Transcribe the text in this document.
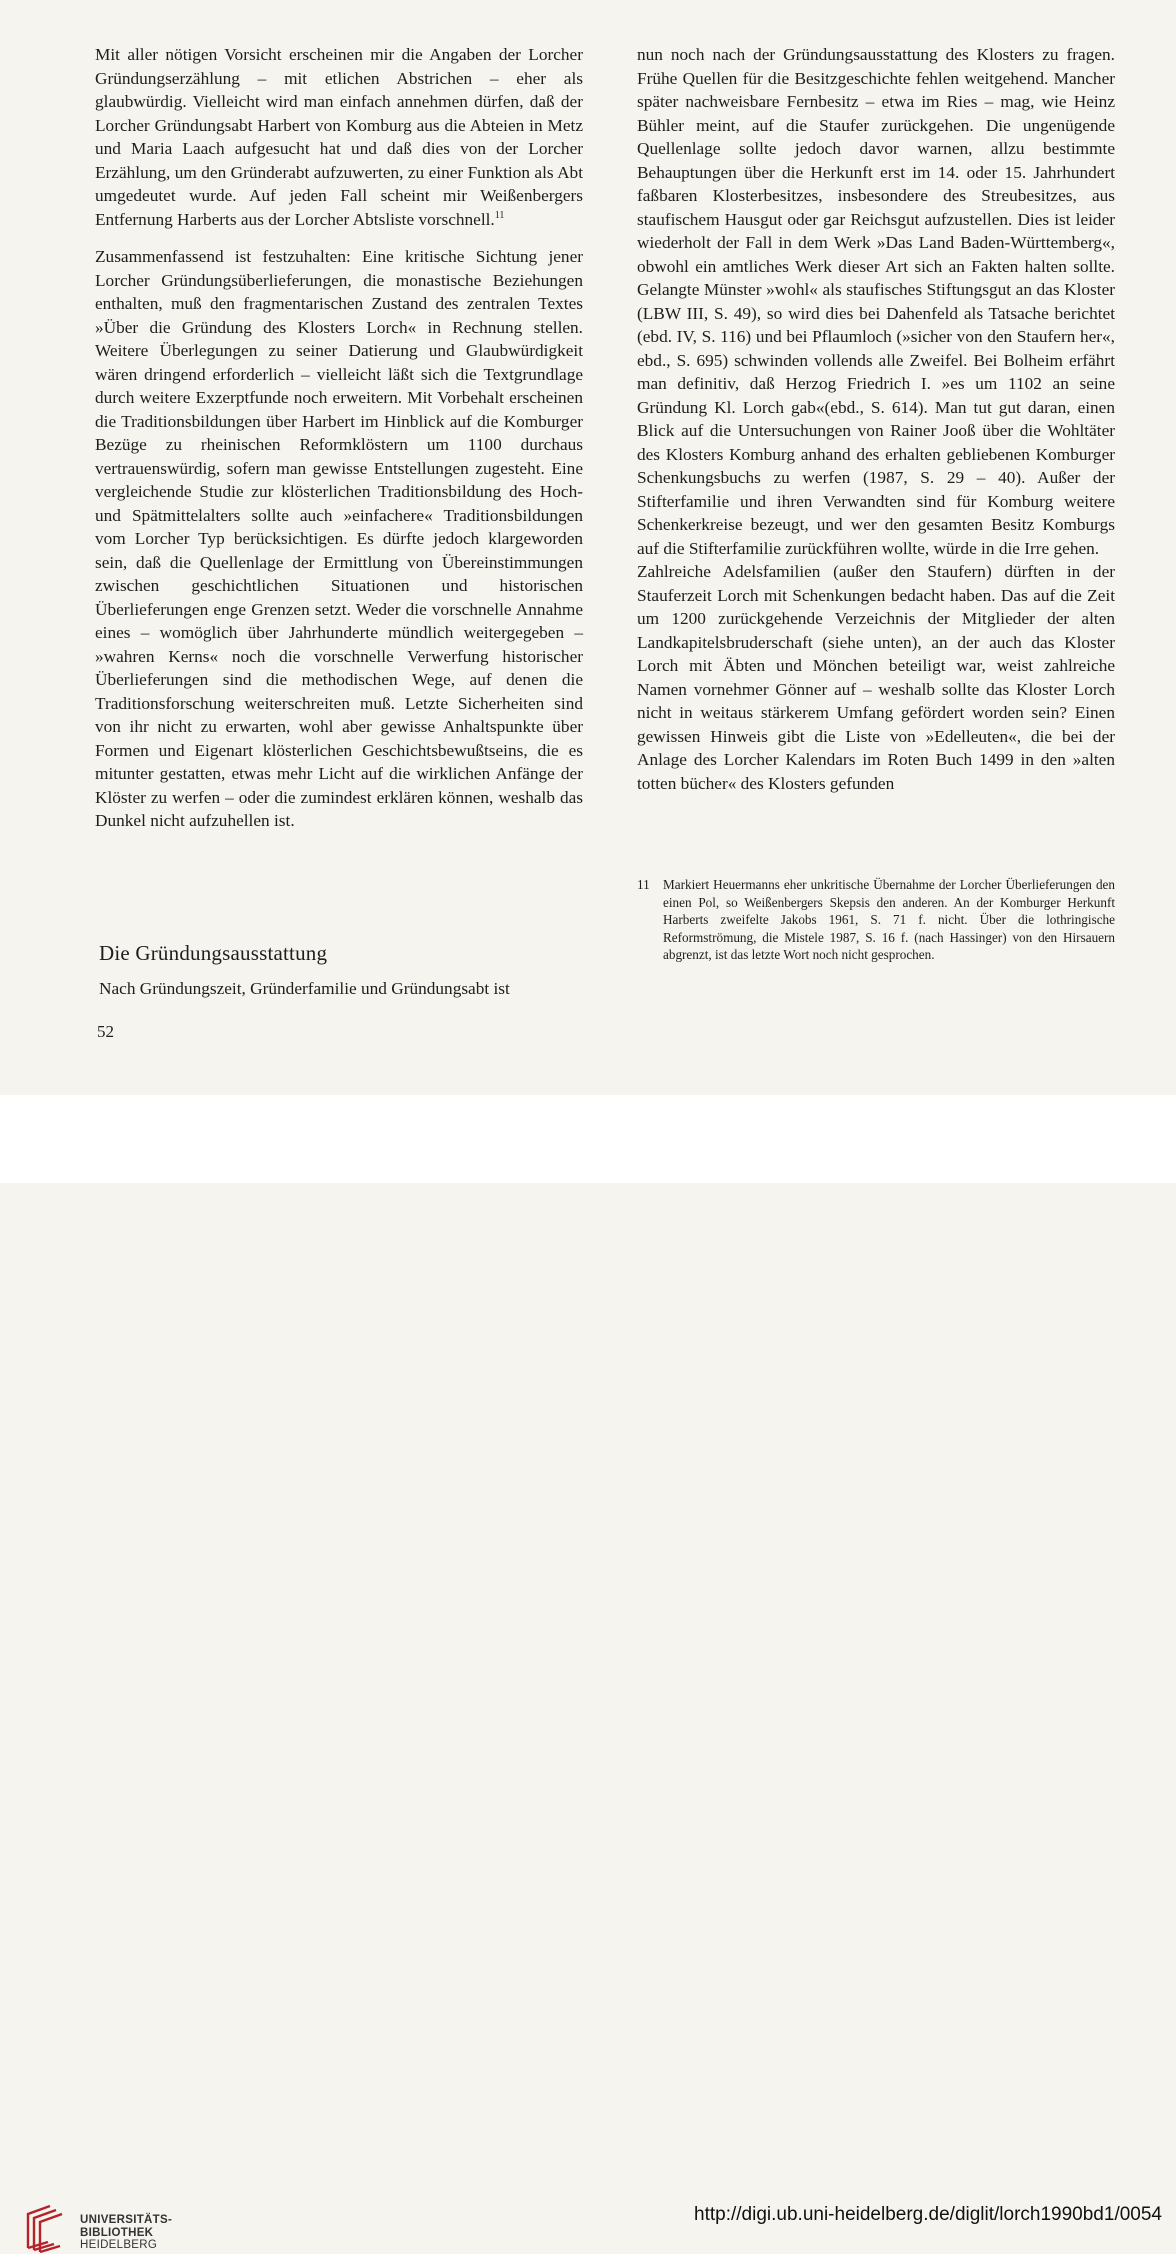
Mit aller nötigen Vorsicht erscheinen mir die Angaben der Lorcher Gründungserzählung – mit etlichen Abstrichen – eher als glaubwürdig. Vielleicht wird man einfach annehmen dürfen, daß der Lorcher Gründungsabt Harbert von Komburg aus die Abteien in Metz und Maria Laach aufgesucht hat und daß dies von der Lorcher Erzählung, um den Gründerabt aufzuwerten, zu einer Funktion als Abt umgedeutet wurde. Auf jeden Fall scheint mir Weißenbergers Entfernung Harberts aus der Lorcher Abtsliste vorschnell.$^{11}$

Zusammenfassend ist festzuhalten: Eine kritische Sichtung jener Lorcher Gründungsüberlieferungen, die monastische Beziehungen enthalten, muß den fragmentarischen Zustand des zentralen Textes »Über die Gründung des Klosters Lorch« in Rechnung stellen. Weitere Überlegungen zu seiner Datierung und Glaubwürdigkeit wären dringend erforderlich – vielleicht läßt sich die Textgrundlage durch weitere Exzerptfunde noch erweitern. Mit Vorbehalt erscheinen die Traditionsbildungen über Harbert im Hinblick auf die Komburger Bezüge zu rheinischen Reformklöstern um 1100 durchaus vertrauenswürdig, sofern man gewisse Entstellungen zugesteht. Eine vergleichende Studie zur klösterlichen Traditionsbildung des Hoch- und Spätmittelalters sollte auch »einfachere« Traditionsbildungen vom Lorcher Typ berücksichtigen. Es dürfte jedoch klargeworden sein, daß die Quellenlage der Ermittlung von Übereinstimmungen zwischen geschichtlichen Situationen und historischen Überlieferungen enge Grenzen setzt. Weder die vorschnelle Annahme eines – womöglich über Jahrhunderte mündlich weitergegeben – »wahren Kerns« noch die vorschnelle Verwerfung historischer Überlieferungen sind die methodischen Wege, auf denen die Traditionsforschung weiterschreiten muß. Letzte Sicherheiten sind von ihr nicht zu erwarten, wohl aber gewisse Anhaltspunkte über Formen und Eigenart klösterlichen Geschichtsbewußtseins, die es mitunter gestatten, etwas mehr Licht auf die wirklichen Anfänge der Klöster zu werfen – oder die zumindest erklären können, weshalb das Dunkel nicht aufzuhellen ist.

Die Gründungsausstattung

Nach Gründungszeit, Gründerfamilie und Gründungsabt ist

nun noch nach der Gründungsausstattung des Klosters zu fragen. Frühe Quellen für die Besitzgeschichte fehlen weitgehend. Mancher später nachweisbare Fernbesitz – etwa im Ries – mag, wie Heinz Bühler meint, auf die Staufer zurückgehen. Die ungenügende Quellenlage sollte jedoch davor warnen, allzu bestimmte Behauptungen über die Herkunft erst im 14. oder 15. Jahrhundert faßbaren Klosterbesitzes, insbesondere des Streubesitzes, aus staufischem Hausgut oder gar Reichsgut aufzustellen. Dies ist leider wiederholt der Fall in dem Werk »Das Land Baden-Württemberg«, obwohl ein amtliches Werk dieser Art sich an Fakten halten sollte. Gelangte Münster »wohl« als staufisches Stiftungsgut an das Kloster (LBW III, S. 49), so wird dies bei Dahenfeld als Tatsache berichtet (ebd. IV, S. 116) und bei Pflaumloch (»sicher von den Staufern her«, ebd., S. 695) schwinden vollends alle Zweifel. Bei Bolheim erfährt man definitiv, daß Herzog Friedrich I. »es um 1102 an seine Gründung Kl. Lorch gab«(ebd., S. 614). Man tut gut daran, einen Blick auf die Untersuchungen von Rainer Jooß über die Wohltäter des Klosters Komburg anhand des erhalten gebliebenen Komburger Schenkungsbuchs zu werfen (1987, S. 29 – 40). Außer der Stifterfamilie und ihren Verwandten sind für Komburg weitere Schenkerkreise bezeugt, und wer den gesamten Besitz Komburgs auf die Stifterfamilie zurückführen wollte, würde in die Irre gehen.

Zahlreiche Adelsfamilien (außer den Staufern) dürften in der Stauferzeit Lorch mit Schenkungen bedacht haben. Das auf die Zeit um 1200 zurückgehende Verzeichnis der Mitglieder der alten Landkapitelsbruderschaft (siehe unten), an der auch das Kloster Lorch mit Äbten und Mönchen beteiligt war, weist zahlreiche Namen vornehmer Gönner auf – weshalb sollte das Kloster Lorch nicht in weitaus stärkerem Umfang gefördert worden sein? Einen gewissen Hinweis gibt die Liste von »Edelleuten«, die bei der Anlage des Lorcher Kalendars im Roten Buch 1499 in den »alten totten bücher« des Klosters gefunden

11 Markiert Heuermanns eher unkritische Übernahme der Lorcher Überlieferungen den einen Pol, so Weißenbergers Skepsis den anderen. An der Komburger Herkunft Harberts zweifelte Jakobs 1961, S. 71 f. nicht. Über die lothringische Reformströmung, die Mistele 1987, S. 16 f. (nach Hassinger) von den Hirsauern abgrenzt, ist das letzte Wort noch nicht gesprochen.

52
UNIVERSITÄTS-
BIBLIOTHEK
HEIDELBERG
http://digi.ub.uni-heidelberg.de/diglit/lorch1990bd1/0054
